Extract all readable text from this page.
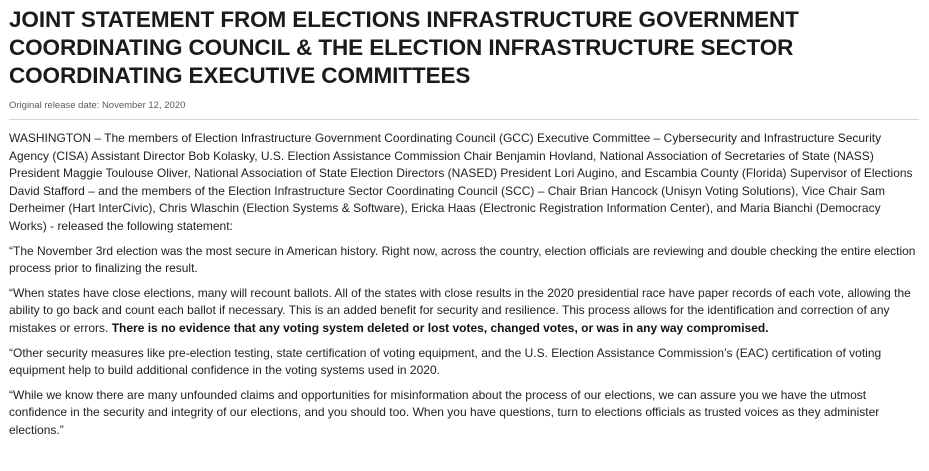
JOINT STATEMENT FROM ELECTIONS INFRASTRUCTURE GOVERNMENT COORDINATING COUNCIL & THE ELECTION INFRASTRUCTURE SECTOR COORDINATING EXECUTIVE COMMITTEES
Original release date: November 12, 2020

WASHINGTON – The members of Election Infrastructure Government Coordinating Council (GCC) Executive Committee – Cybersecurity and Infrastructure Security Agency (CISA) Assistant Director Bob Kolasky, U.S. Election Assistance Commission Chair Benjamin Hovland, National Association of Secretaries of State (NASS) President Maggie Toulouse Oliver, National Association of State Election Directors (NASED) President Lori Augino, and Escambia County (Florida) Supervisor of Elections David Stafford – and the members of the Election Infrastructure Sector Coordinating Council (SCC) – Chair Brian Hancock (Unisyn Voting Solutions), Vice Chair Sam Derheimer (Hart InterCivic), Chris Wlaschin (Election Systems & Software), Ericka Haas (Electronic Registration Information Center), and Maria Bianchi (Democracy Works) - released the following statement:

“The November 3rd election was the most secure in American history. Right now, across the country, election officials are reviewing and double checking the entire election process prior to finalizing the result.

“When states have close elections, many will recount ballots. All of the states with close results in the 2020 presidential race have paper records of each vote, allowing the ability to go back and count each ballot if necessary. This is an added benefit for security and resilience. This process allows for the identification and correction of any mistakes or errors. There is no evidence that any voting system deleted or lost votes, changed votes, or was in any way compromised.

“Other security measures like pre-election testing, state certification of voting equipment, and the U.S. Election Assistance Commission’s (EAC) certification of voting equipment help to build additional confidence in the voting systems used in 2020.

“While we know there are many unfounded claims and opportunities for misinformation about the process of our elections, we can assure you we have the utmost confidence in the security and integrity of our elections, and you should too. When you have questions, turn to elections officials as trusted voices as they administer elections.”
